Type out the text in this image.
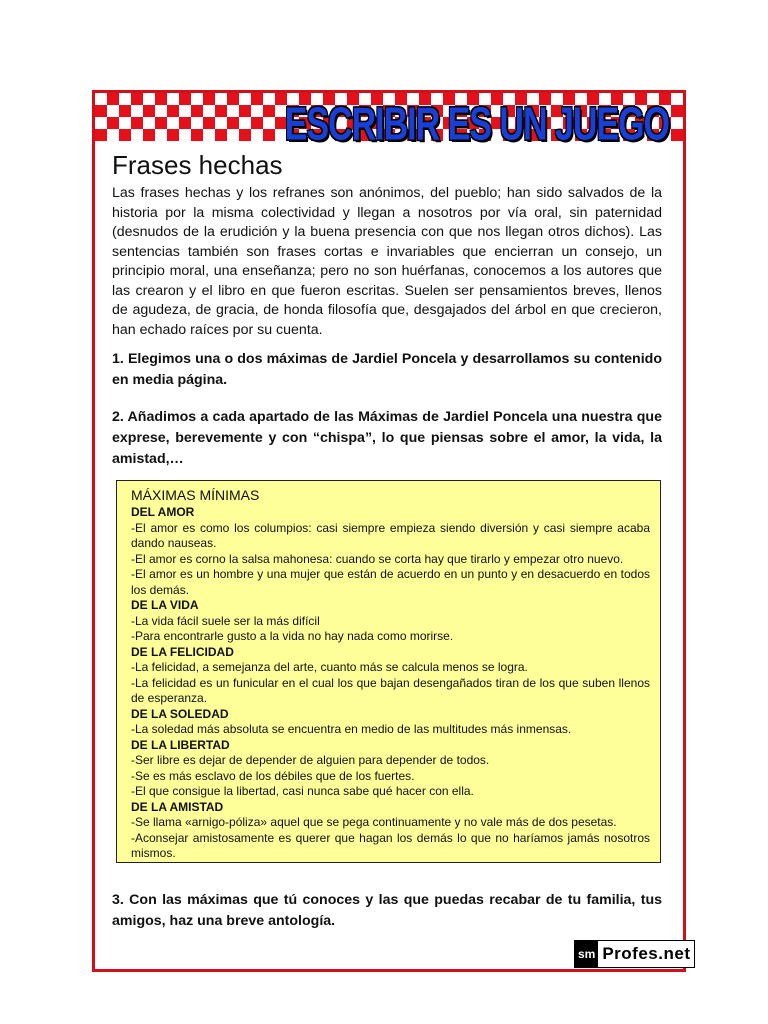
ESCRIBIR ES UN JUEGO
Frases hechas

Las frases hechas y los refranes son anónimos, del pueblo; han sido salvados de la historia por la misma colectividad y llegan a nosotros por vía oral, sin paternidad (desnudos de la erudición y la buena presencia con que nos llegan otros dichos). Las sentencias también son frases cortas e invariables que encierran un consejo, un principio moral, una enseñanza; pero no son huérfanas, conocemos a los autores que las crearon y el libro en que fueron escritas. Suelen ser pensamientos breves, llenos de agudeza, de gracia, de honda filosofía que, desgajados del árbol en que crecieron, han echado raíces por su cuenta.

1. Elegimos una o dos máximas de Jardiel Poncela y desarrollamos su contenido en media página.

2. Añadimos a cada apartado de las Máximas de Jardiel Poncela una nuestra que exprese, berevemente y con “chispa”, lo que piensas sobre el amor, la vida, la amistad,…

MÁXIMAS MÍNIMAS

DEL AMOR

-El amor es como los columpios: casi siempre empieza siendo diversión y casi siempre acaba dando nauseas.

-El amor es corno la salsa mahonesa: cuando se corta hay que tirarlo y empezar otro nuevo.

-El amor es un hombre y una mujer que están de acuerdo en un punto y en desacuerdo en todos los demás.

DE LA VIDA

-La vida fácil suele ser la más difícil

-Para encontrarle gusto a la vida no hay nada como morirse.

DE LA FELICIDAD

-La felicidad, a semejanza del arte, cuanto más se calcula menos se logra.

-La felicidad es un funicular en el cual los que bajan desengañados tiran de los que suben llenos de esperanza.

DE LA SOLEDAD

-La soledad más absoluta se encuentra en medio de las multitudes más inmensas.

DE LA LIBERTAD

-Ser libre es dejar de depender de alguien para depender de todos.

-Se es más esclavo de los débiles que de los fuertes.

-El que consigue la libertad, casi nunca sabe qué hacer con ella.

DE LA AMISTAD

-Se llama «arnigo-póliza» aquel que se pega continuamente y no vale más de dos pesetas.

-Aconsejar amistosamente es querer que hagan los demás lo que no haríamos jamás nosotros mismos.

3. Con las máximas que tú conoces y las que puedas recabar de tu familia, tus amigos, haz una breve antología.

sm Profes.net
